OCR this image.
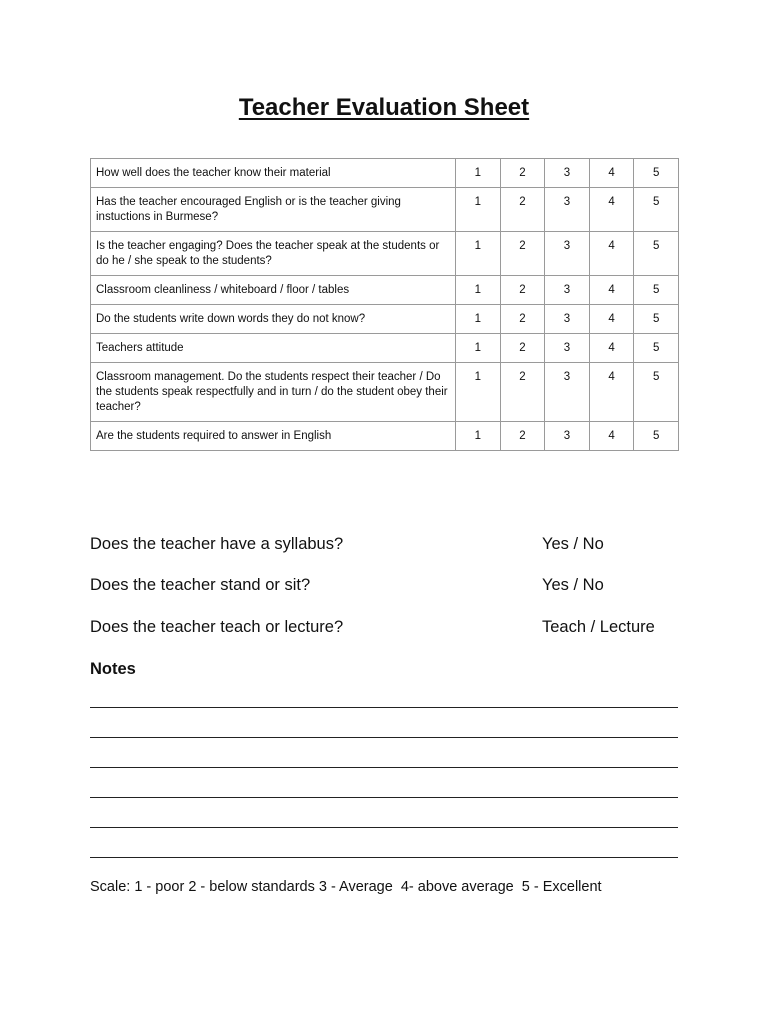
Teacher Evaluation Sheet
How well does the teacher know their material	1	2	3	4	5
Has the teacher encouraged English or is the teacher giving instuctions in Burmese?	1	2	3	4	5
Is the teacher engaging? Does the teacher speak at the students or do he / she speak to the students?	1	2	3	4	5
Classroom cleanliness / whiteboard / floor / tables	1	2	3	4	5
Do the students write down words they do not know?	1	2	3	4	5
Teachers attitude	1	2	3	4	5
Classroom management. Do the students respect their teacher / Do the students speak respectfully and in turn / do the student obey their teacher?	1	2	3	4	5
Are the students required to answer in English	1	2	3	4	5
Does the teacher have a syllabus?	Yes / No
Does the teacher stand or sit?	Yes / No
Does the teacher teach or lecture?	Teach / Lecture
Notes
Scale: 1 - poor 2 - below standards 3 - Average  4- above average  5 - Excellent
